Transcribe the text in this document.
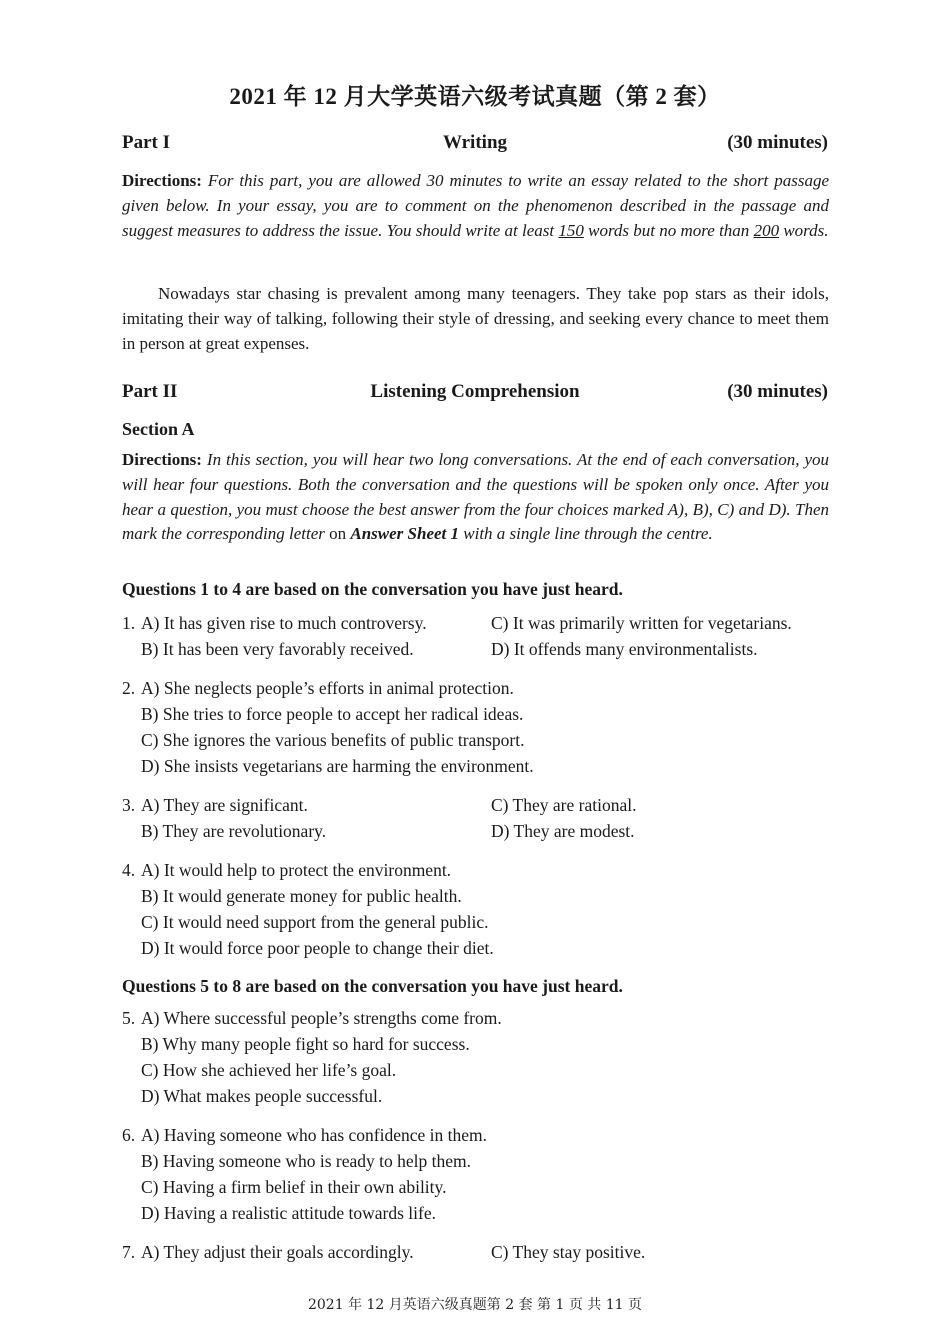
2021 年 12 月大学英语六级考试真题（第 2 套）
Part I	Writing	(30 minutes)
Directions: For this part, you are allowed 30 minutes to write an essay related to the short passage given below. In your essay, you are to comment on the phenomenon described in the passage and suggest measures to address the issue. You should write at least 150 words but no more than 200 words.
Nowadays star chasing is prevalent among many teenagers. They take pop stars as their idols, imitating their way of talking, following their style of dressing, and seeking every chance to meet them in person at great expenses.
Part II	Listening Comprehension	(30 minutes)
Section A
Directions: In this section, you will hear two long conversations. At the end of each conversation, you will hear four questions. Both the conversation and the questions will be spoken only once. After you hear a question, you must choose the best answer from the four choices marked A), B), C) and D). Then mark the corresponding letter on Answer Sheet 1 with a single line through the centre.
Questions 1 to 4 are based on the conversation you have just heard.
1. A) It has given rise to much controversy.	C) It was primarily written for vegetarians.
B) It has been very favorably received.	D) It offends many environmentalists.
2. A) She neglects people’s efforts in animal protection.
B) She tries to force people to accept her radical ideas.
C) She ignores the various benefits of public transport.
D) She insists vegetarians are harming the environment.
3. A) They are significant.	C) They are rational.
B) They are revolutionary.	D) They are modest.
4. A) It would help to protect the environment.
B) It would generate money for public health.
C) It would need support from the general public.
D) It would force poor people to change their diet.
Questions 5 to 8 are based on the conversation you have just heard.
5. A) Where successful people’s strengths come from.
B) Why many people fight so hard for success.
C) How she achieved her life’s goal.
D) What makes people successful.
6. A) Having someone who has confidence in them.
B) Having someone who is ready to help them.
C) Having a firm belief in their own ability.
D) Having a realistic attitude towards life.
7. A) They adjust their goals accordingly.	C) They stay positive.
2021 年 12 月英语六级真题第 2 套 第 1 页 共 11 页
